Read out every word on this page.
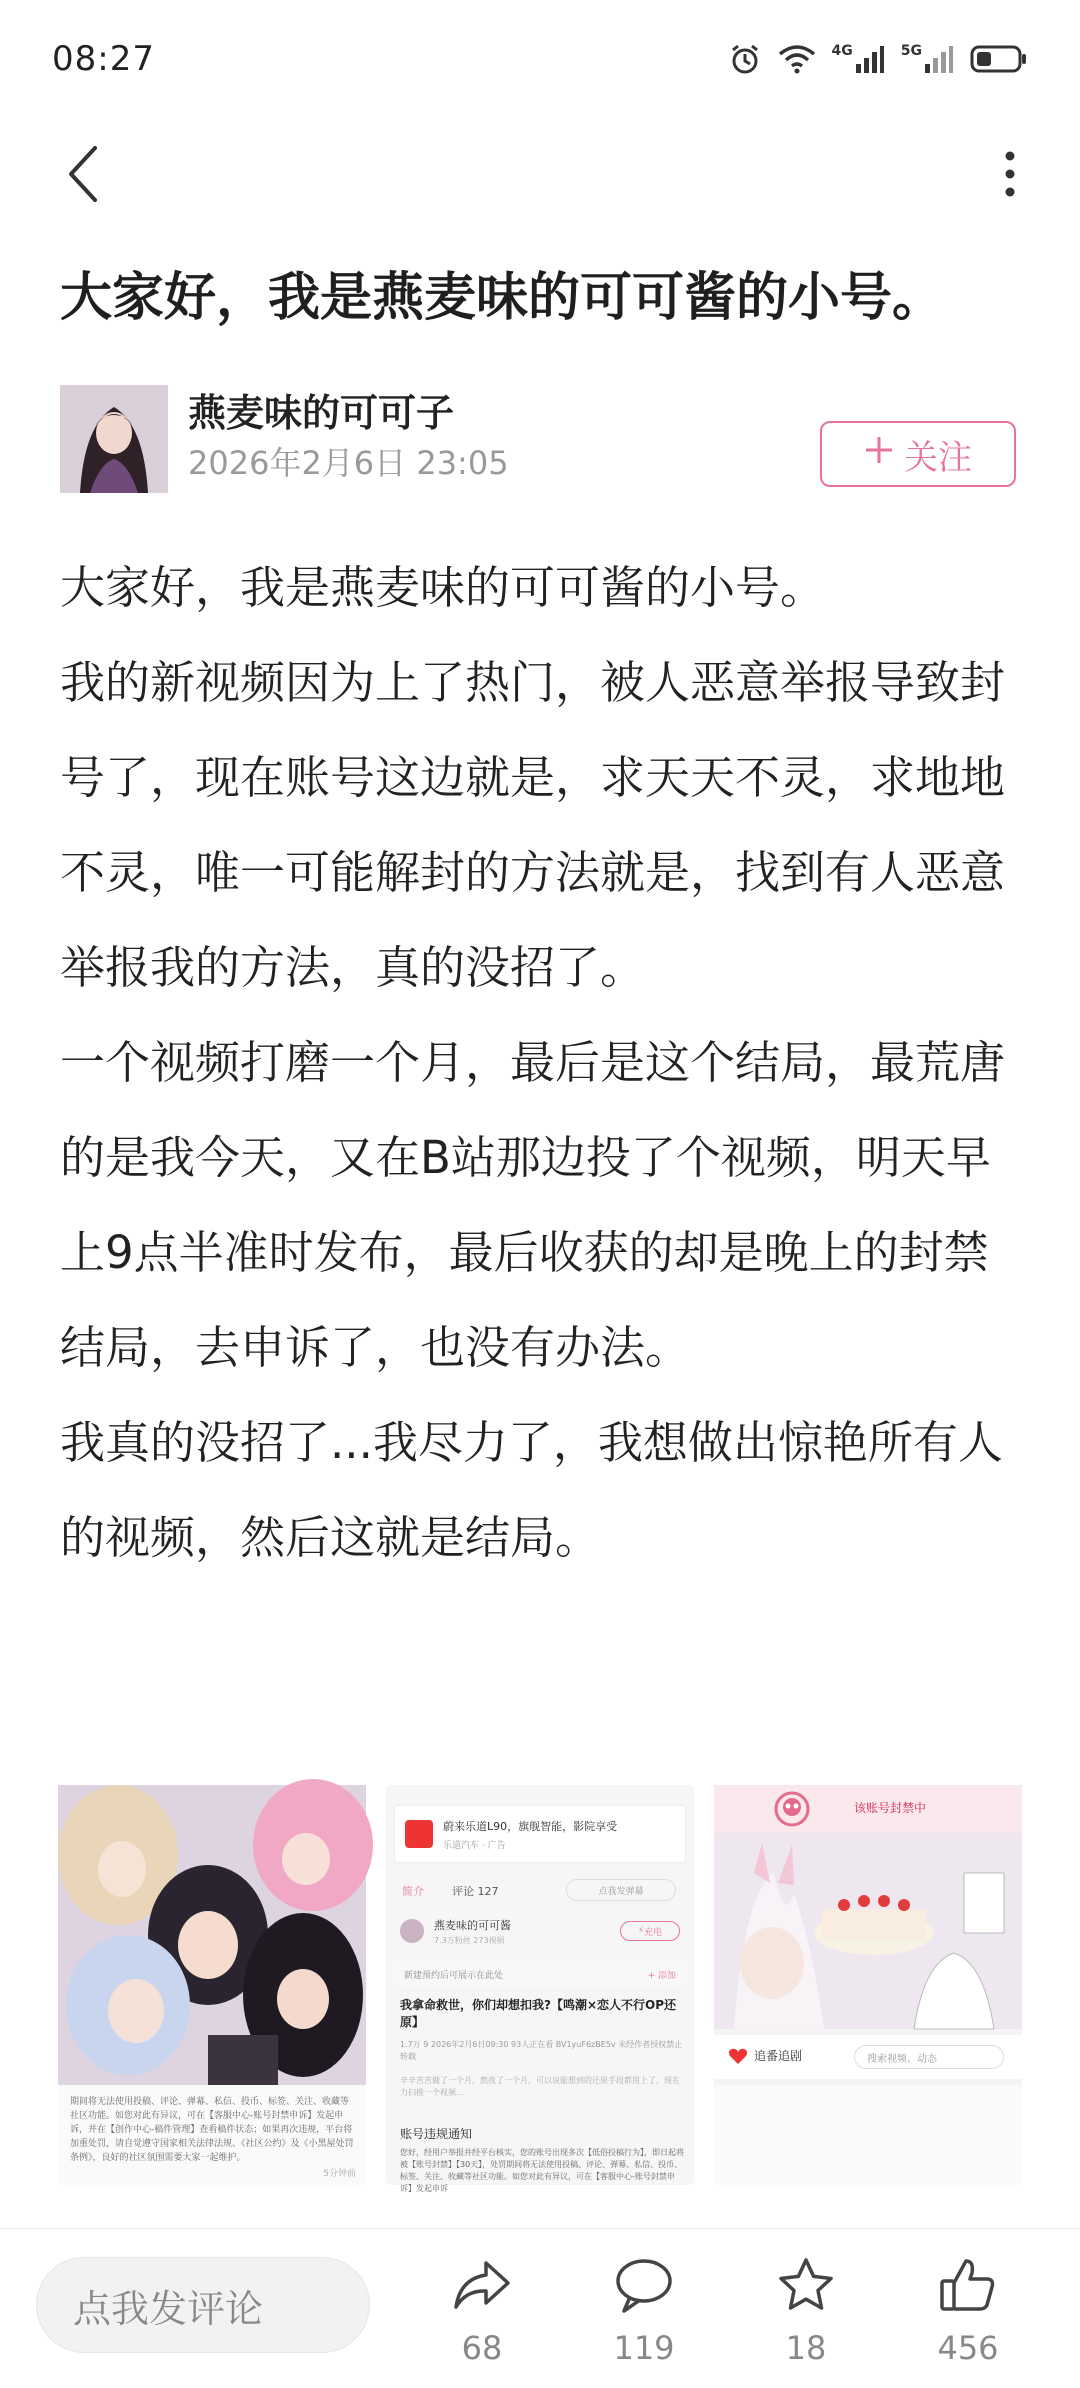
08:27	4G	5G
大家好，我是燕麦味的可可酱的小号。
燕麦味的可可子
2026年2月6日 23:05	关注

大家好，我是燕麦味的可可酱的小号。

我的新视频因为上了热门，被人恶意举报导致封号了，现在账号这边就是，求天天不灵，求地地不灵，唯一可能解封的方法就是，找到有人恶意举报我的方法，真的没招了。

一个视频打磨一个月，最后是这个结局，最荒唐的是我今天，又在B站那边投了个视频，明天早上9点半准时发布，最后收获的却是晚上的封禁结局，去申诉了，也没有办法。

我真的没招了...我尽力了，我想做出惊艳所有人的视频，然后这就是结局。

期间将无法使用投稿、评论、弹幕、私信、投币、标签、关注、收藏等社区功能。如您对此有异议，可在【客服中心-账号封禁申诉】发起申诉，并在【创作中心-稿件管理】查看稿件状态；如果再次违规，平台将加重处罚，请自觉遵守国家相关法律法规、《社区公约》及《小黑屋处罚条例》，良好的社区氛围需要大家一起维护。
5分钟前
蔚来乐道L90，旗舰智能，影院享受
乐道汽车 · 广告
简介	评论 127	点我发弹幕
燕麦味的可可酱
7.3万粉丝 273视频
⚡ 充电
新建预约后可展示在此处	+ 添加
我拿命救世，你们却想扣我?【鸣潮×恋人不行OP还原】
1.7万 9 2026年2月6日09:30 93人正在看 BV1yuF6zBE5v 未经作者授权禁止转载
辛辛苦苦做了一个月，熬夜了一个月，可以说能想到的还原手段都用上了，现在力扫推一个视频...
账号违规通知
您好，经用户举报并经平台核实，您的账号出现多次【低俗投稿行为】，即日起将被【账号封禁】【30天】，处罚期间将无法使用投稿、评论、弹幕、私信、投币、标签、关注、收藏等社区功能。如您对此有异议，可在【客服中心-账号封禁申诉】发起申诉
该账号封禁中
追番追剧	搜索视频、动态
点我发评论
68	119	18	456
